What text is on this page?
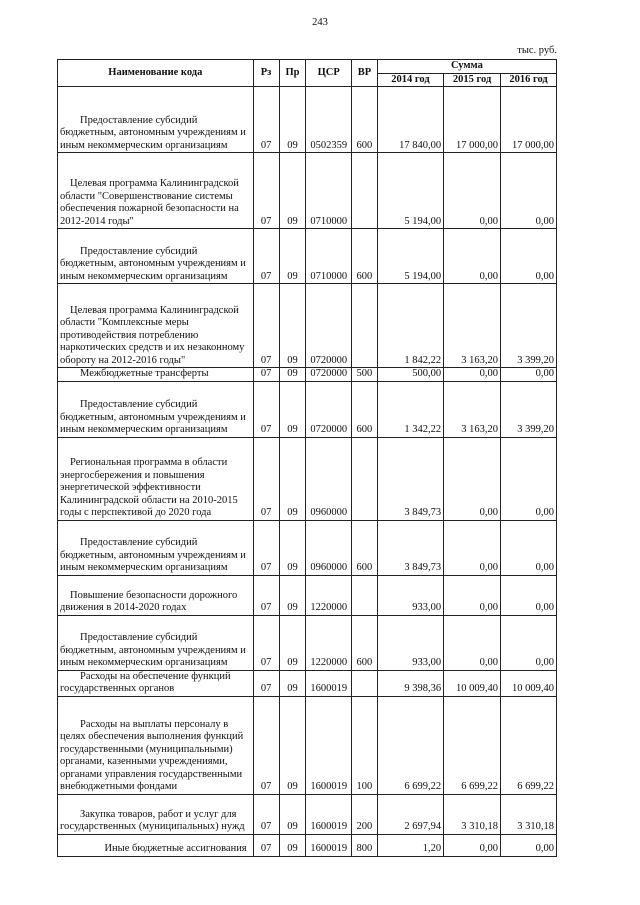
243
тыс. руб.
Наименование кода	Рз	Пр	ЦСР	ВР	Сумма		
					2014 год	2015 год	2016 год

Предоставление субсидий бюджетным, автономным учреждениям и иным некоммерческим организациям	07	09	0502359	600	17 840,00	17 000,00	17 000,00

Целевая программа Калининградской области "Совершенствование системы обеспечения пожарной безопасности на 2012-2014 годы"	07	09	0710000		5 194,00	0,00	0,00

Предоставление субсидий бюджетным, автономным учреждениям и иным некоммерческим организациям	07	09	0710000	600	5 194,00	0,00	0,00

Целевая программа Калининградской области "Комплексные меры противодействия потреблению наркотических средств и их незаконному обороту на 2012-2016 годы"	07	09	0720000		1 842,22	3 163,20	3 399,20

Межбюджетные трансферты	07	09	0720000	500	500,00	0,00	0,00

Предоставление субсидий бюджетным, автономным учреждениям и иным некоммерческим организациям	07	09	0720000	600	1 342,22	3 163,20	3 399,20

Региональная программа в области энергосбережения и повышения энергетической эффективности Калининградской области на 2010-2015 годы с перспективой до 2020 года	07	09	0960000		3 849,73	0,00	0,00

Предоставление субсидий бюджетным, автономным учреждениям и иным некоммерческим организациям	07	09	0960000	600	3 849,73	0,00	0,00

Повышение безопасности дорожного движения в 2014-2020 годах	07	09	1220000		933,00	0,00	0,00

Предоставление субсидий бюджетным, автономным учреждениям и иным некоммерческим организациям	07	09	1220000	600	933,00	0,00	0,00

Расходы на обеспечение функций государственных органов	07	09	1600019		9 398,36	10 009,40	10 009,40

Расходы на выплаты персоналу в целях обеспечения выполнения функций государственными (муниципальными) органами, казенными учреждениями, органами управления государственными внебюджетными фондами	07	09	1600019	100	6 699,22	6 699,22	6 699,22

Закупка товаров, работ и услуг для государственных (муниципальных) нужд	07	09	1600019	200	2 697,94	3 310,18	3 310,18

Иные бюджетные ассигнования	07	09	1600019	800	1,20	0,00	0,00
